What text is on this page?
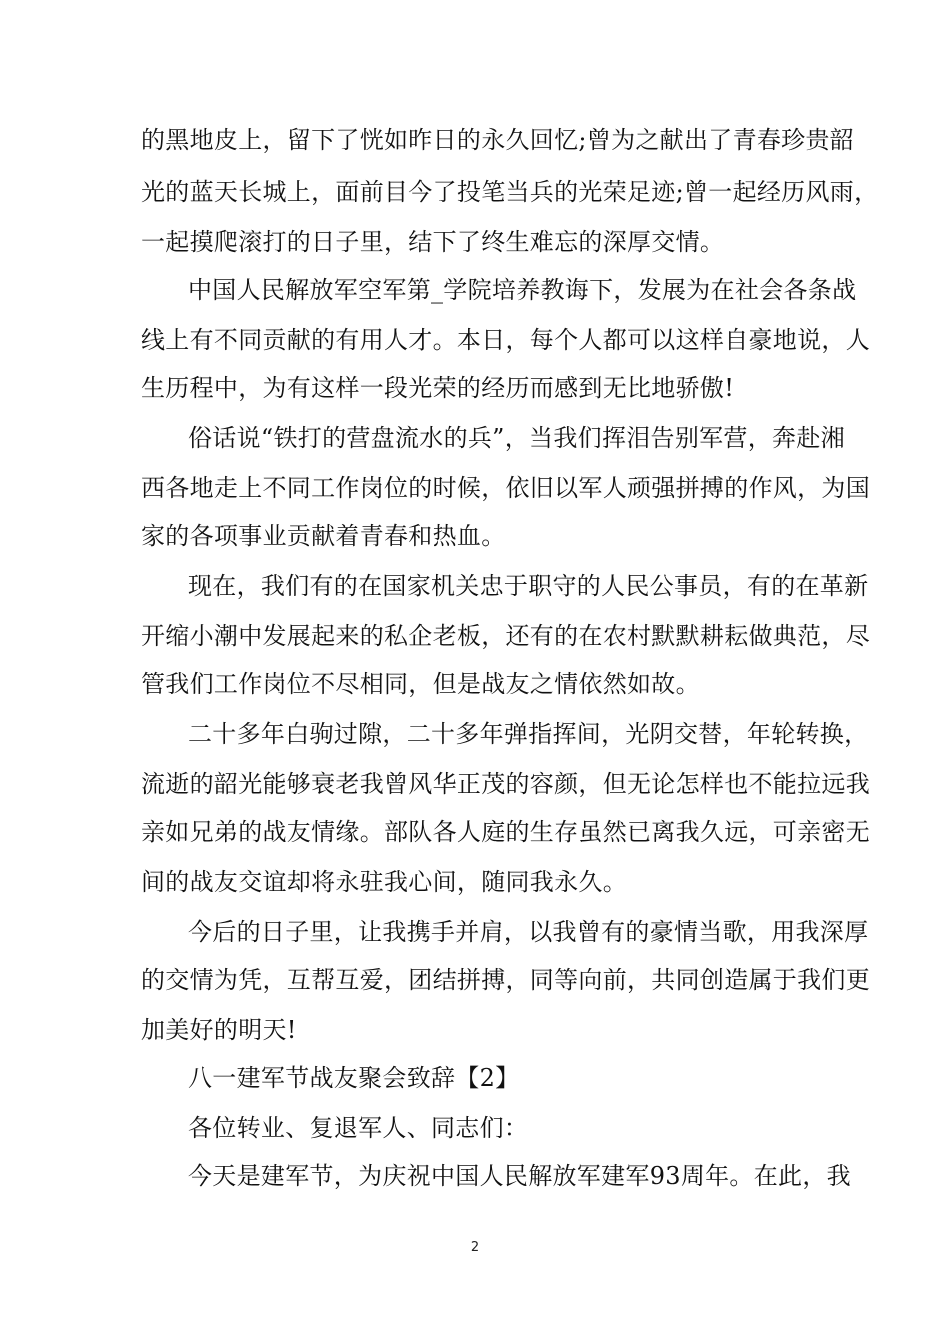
的黑地皮上，留下了恍如昨日的永久回忆;曾为之献出了青春珍贵韶
光的蓝天长城上，面前目今了投笔当兵的光荣足迹;曾一起经历风雨，
一起摸爬滚打的日子里，结下了终生难忘的深厚交情。
中国人民解放军空军第_学院培养教诲下，发展为在社会各条战
线上有不同贡献的有用人才。本日，每个人都可以这样自豪地说，人
生历程中，为有这样一段光荣的经历而感到无比地骄傲!
俗话说“铁打的营盘流水的兵”，当我们挥泪告别军营，奔赴湘
西各地走上不同工作岗位的时候，依旧以军人顽强拼搏的作风，为国
家的各项事业贡献着青春和热血。
现在，我们有的在国家机关忠于职守的人民公事员，有的在革新
开缩小潮中发展起来的私企老板，还有的在农村默默耕耘做典范，尽
管我们工作岗位不尽相同，但是战友之情依然如故。
二十多年白驹过隙，二十多年弹指挥间，光阴交替，年轮转换，
流逝的韶光能够衰老我曾风华正茂的容颜，但无论怎样也不能拉远我
亲如兄弟的战友情缘。部队各人庭的生存虽然已离我久远，可亲密无
间的战友交谊却将永驻我心间，随同我永久。
今后的日子里，让我携手并肩，以我曾有的豪情当歌，用我深厚
的交情为凭，互帮互爱，团结拼搏，同等向前，共同创造属于我们更
加美好的明天!
八一建军节战友聚会致辞【2】
各位转业、复退军人、同志们：
今天是建军节，为庆祝中国人民解放军建军93周年。在此，我
2
